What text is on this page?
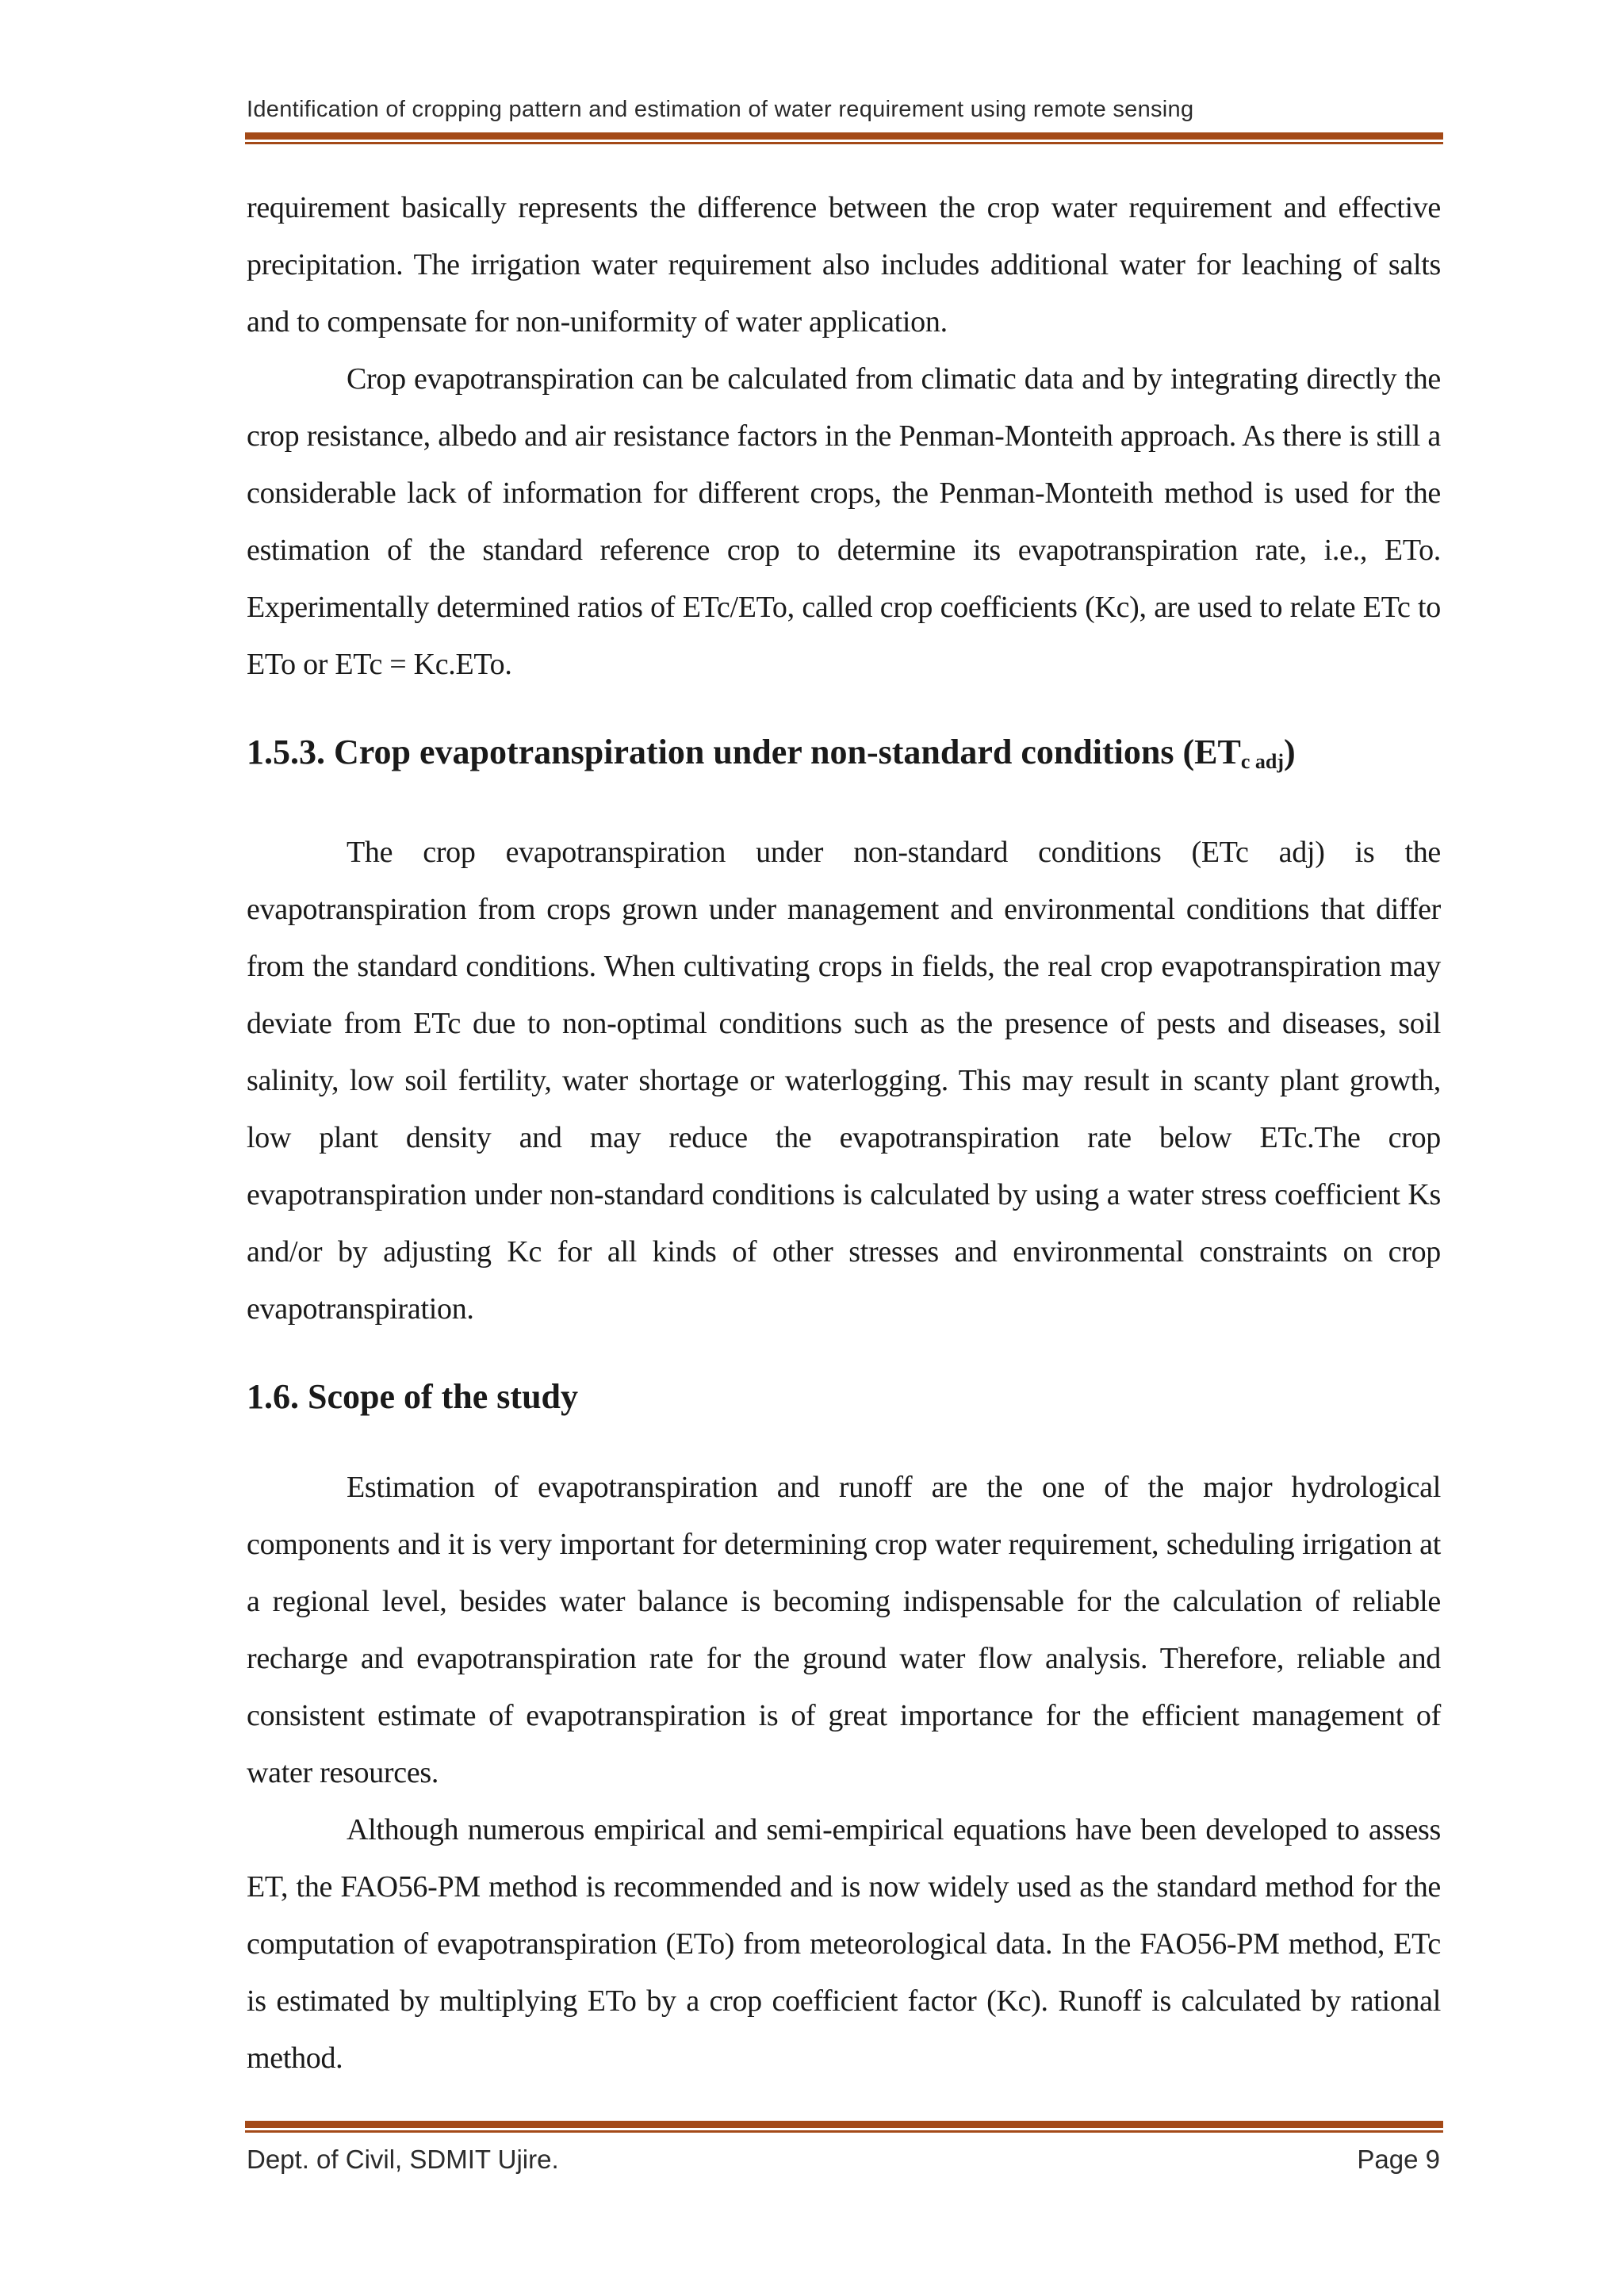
Identification of cropping pattern and estimation of water requirement using remote sensing

requirement basically represents the difference between the crop water requirement and effective precipitation. The irrigation water requirement also includes additional water for leaching of salts and to compensate for non-uniformity of water application.

Crop evapotranspiration can be calculated from climatic data and by integrating directly the crop resistance, albedo and air resistance factors in the Penman-Monteith approach. As there is still a considerable lack of information for different crops, the Penman-Monteith method is used for the estimation of the standard reference crop to determine its evapotranspiration rate, i.e., ETo. Experimentally determined ratios of ETc/ETo, called crop coefficients (Kc), are used to relate ETc to ETo or ETc = Kc.ETo.

1.5.3. Crop evapotranspiration under non-standard conditions $(ET_{c adj})$

The crop evapotranspiration under non-standard conditions (ETc adj) is the evapotranspiration from crops grown under management and environmental conditions that differ from the standard conditions. When cultivating crops in fields, the real crop evapotranspiration may deviate from ETc due to non-optimal conditions such as the presence of pests and diseases, soil salinity, low soil fertility, water shortage or waterlogging. This may result in scanty plant growth, low plant density and may reduce the evapotranspiration rate below ETc.The crop evapotranspiration under non-standard conditions is calculated by using a water stress coefficient Ks and/or by adjusting Kc for all kinds of other stresses and environmental constraints on crop evapotranspiration.

1.6. Scope of the study

Estimation of evapotranspiration and runoff are the one of the major hydrological components and it is very important for determining crop water requirement, scheduling irrigation at a regional level, besides water balance is becoming indispensable for the calculation of reliable recharge and evapotranspiration rate for the ground water flow analysis. Therefore, reliable and consistent estimate of evapotranspiration is of great importance for the efficient management of water resources.

Although numerous empirical and semi-empirical equations have been developed to assess ET, the FAO56-PM method is recommended and is now widely used as the standard method for the computation of evapotranspiration (ETo) from meteorological data. In the FAO56-PM method, ETc is estimated by multiplying ETo by a crop coefficient factor (Kc). Runoff is calculated by rational method.

Dept. of Civil, SDMIT Ujire.	Page 9
